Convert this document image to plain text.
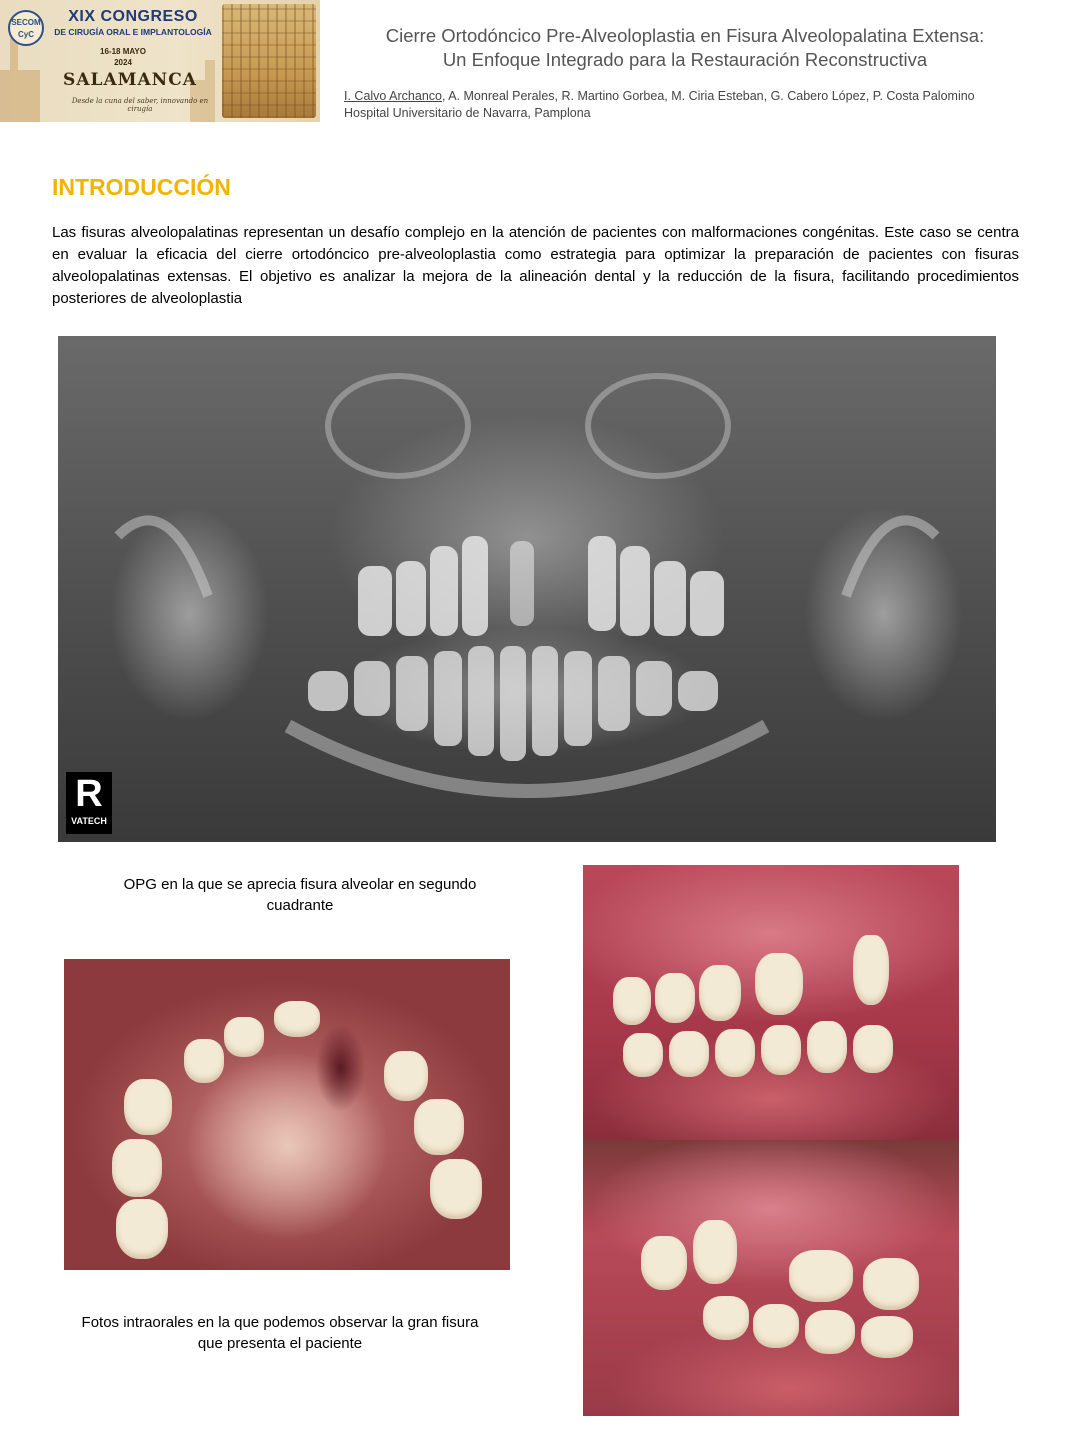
SECOM CyC
XIX CONGRESO
DE CIRUGÍA ORAL E IMPLANTOLOGÍA
16-18 MAYO
2024
SALAMANCA
Desde la cuna del saber, innovando en cirugía
Cierre Ortodóncico Pre-Alveoloplastia en Fisura Alveolopalatina Extensa:
Un Enfoque Integrado para la Restauración Reconstructiva
I. Calvo Archanco, A. Monreal Perales, R. Martino Gorbea, M. Ciria Esteban, G. Cabero López, P. Costa Palomino
Hospital Universitario de Navarra, Pamplona
INTRODUCCIÓN

Las fisuras alveolopalatinas representan un desafío complejo en la atención de pacientes con malformaciones congénitas. Este caso se centra en evaluar la eficacia del cierre ortodóncico pre-alveoloplastia como estrategia para optimizar la preparación de pacientes con fisuras alveolopalatinas extensas. El objetivo es analizar la mejora de la alineación dental y la reducción de la fisura, facilitando procedimientos posteriores de alveoloplastia

R
VATECH
OPG en la que se aprecia fisura alveolar en segundo cuadrante
Fotos intraorales en la que podemos observar la gran fisura que presenta el paciente
